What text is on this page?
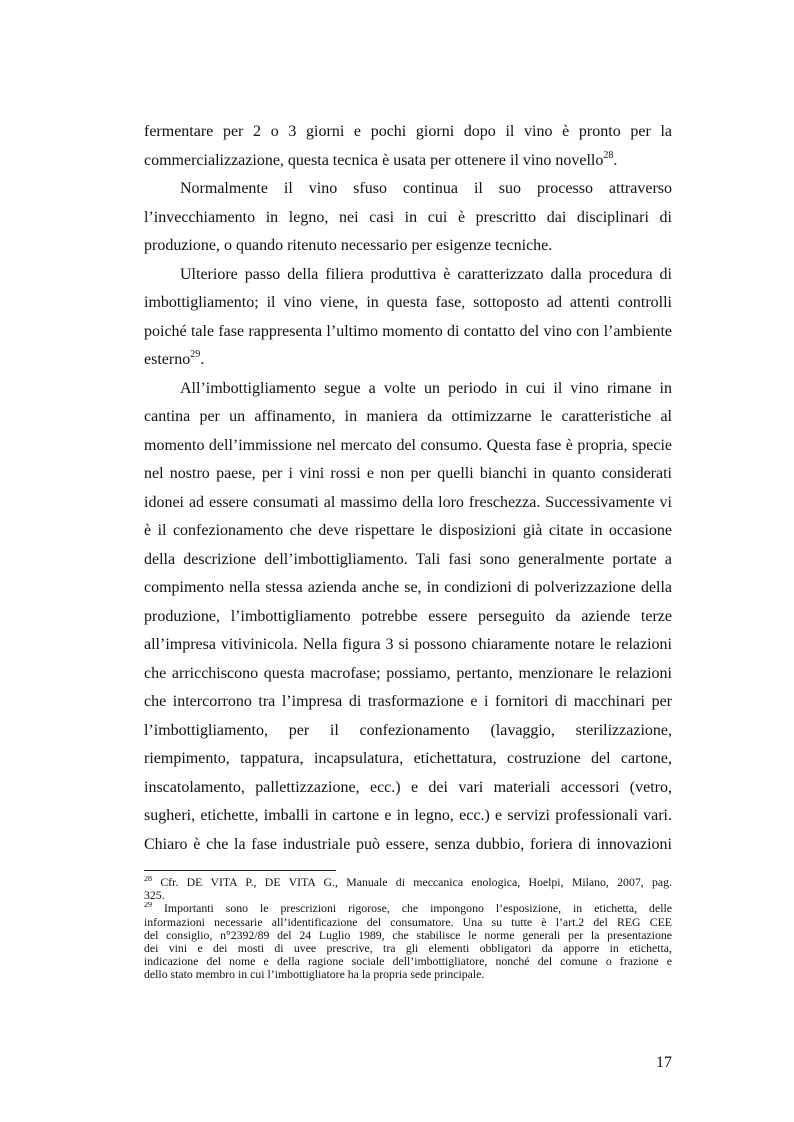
fermentare per 2 o 3 giorni e pochi giorni dopo il vino è pronto per la
commercializzazione, questa tecnica è usata per ottenere il vino novello$^{28}$.
Normalmente il vino sfuso continua il suo processo attraverso
l’invecchiamento in legno, nei casi in cui è prescritto dai disciplinari di
produzione, o quando ritenuto necessario per esigenze tecniche.
Ulteriore passo della filiera produttiva è caratterizzato dalla procedura di
imbottigliamento; il vino viene, in questa fase, sottoposto ad attenti controlli
poiché tale fase rappresenta l’ultimo momento di contatto del vino con l’ambiente
esterno$^{29}$.
All’imbottigliamento segue a volte un periodo in cui il vino rimane in
cantina per un affinamento, in maniera da ottimizzarne le caratteristiche al
momento dell’immissione nel mercato del consumo. Questa fase è propria, specie
nel nostro paese, per i vini rossi e non per quelli bianchi in quanto considerati
idonei ad essere consumati al massimo della loro freschezza. Successivamente vi
è il confezionamento che deve rispettare le disposizioni già citate in occasione
della descrizione dell’imbottigliamento. Tali fasi sono generalmente portate a
compimento nella stessa azienda anche se, in condizioni di polverizzazione della
produzione, l’imbottigliamento potrebbe essere perseguito da aziende terze
all’impresa vitivinicola. Nella figura 3 si possono chiaramente notare le relazioni
che arricchiscono questa macrofase; possiamo, pertanto, menzionare le relazioni
che intercorrono tra l’impresa di trasformazione e i fornitori di macchinari per
l’imbottigliamento, per il confezionamento (lavaggio, sterilizzazione,
riempimento, tappatura, incapsulatura, etichettatura, costruzione del cartone,
inscatolamento, pallettizzazione, ecc.) e dei vari materiali accessori (vetro,
sugheri, etichette, imballi in cartone e in legno, ecc.) e servizi professionali vari.
Chiaro è che la fase industriale può essere, senza dubbio, foriera di innovazioni
$^{28}$ Cfr. DE VITA P., DE VITA G., Manuale di meccanica enologica, Hoelpi, Milano, 2007, pag.
325.
$^{29}$ Importanti sono le prescrizioni rigorose, che impongono l’esposizione, in etichetta, delle
informazioni necessarie all’identificazione del consumatore. Una su tutte è l’art.2 del REG CEE
del consiglio, n°2392/89 del 24 Luglio 1989, che stabilisce le norme generali per la presentazione
dei vini e dei mosti di uvee prescrive, tra gli elementi obbligatori da apporre in etichetta,
indicazione del nome e della ragione sociale dell’imbottigliatore, nonché del comune o frazione e
dello stato membro in cui l’imbottigliatore ha la propria sede principale.
17
